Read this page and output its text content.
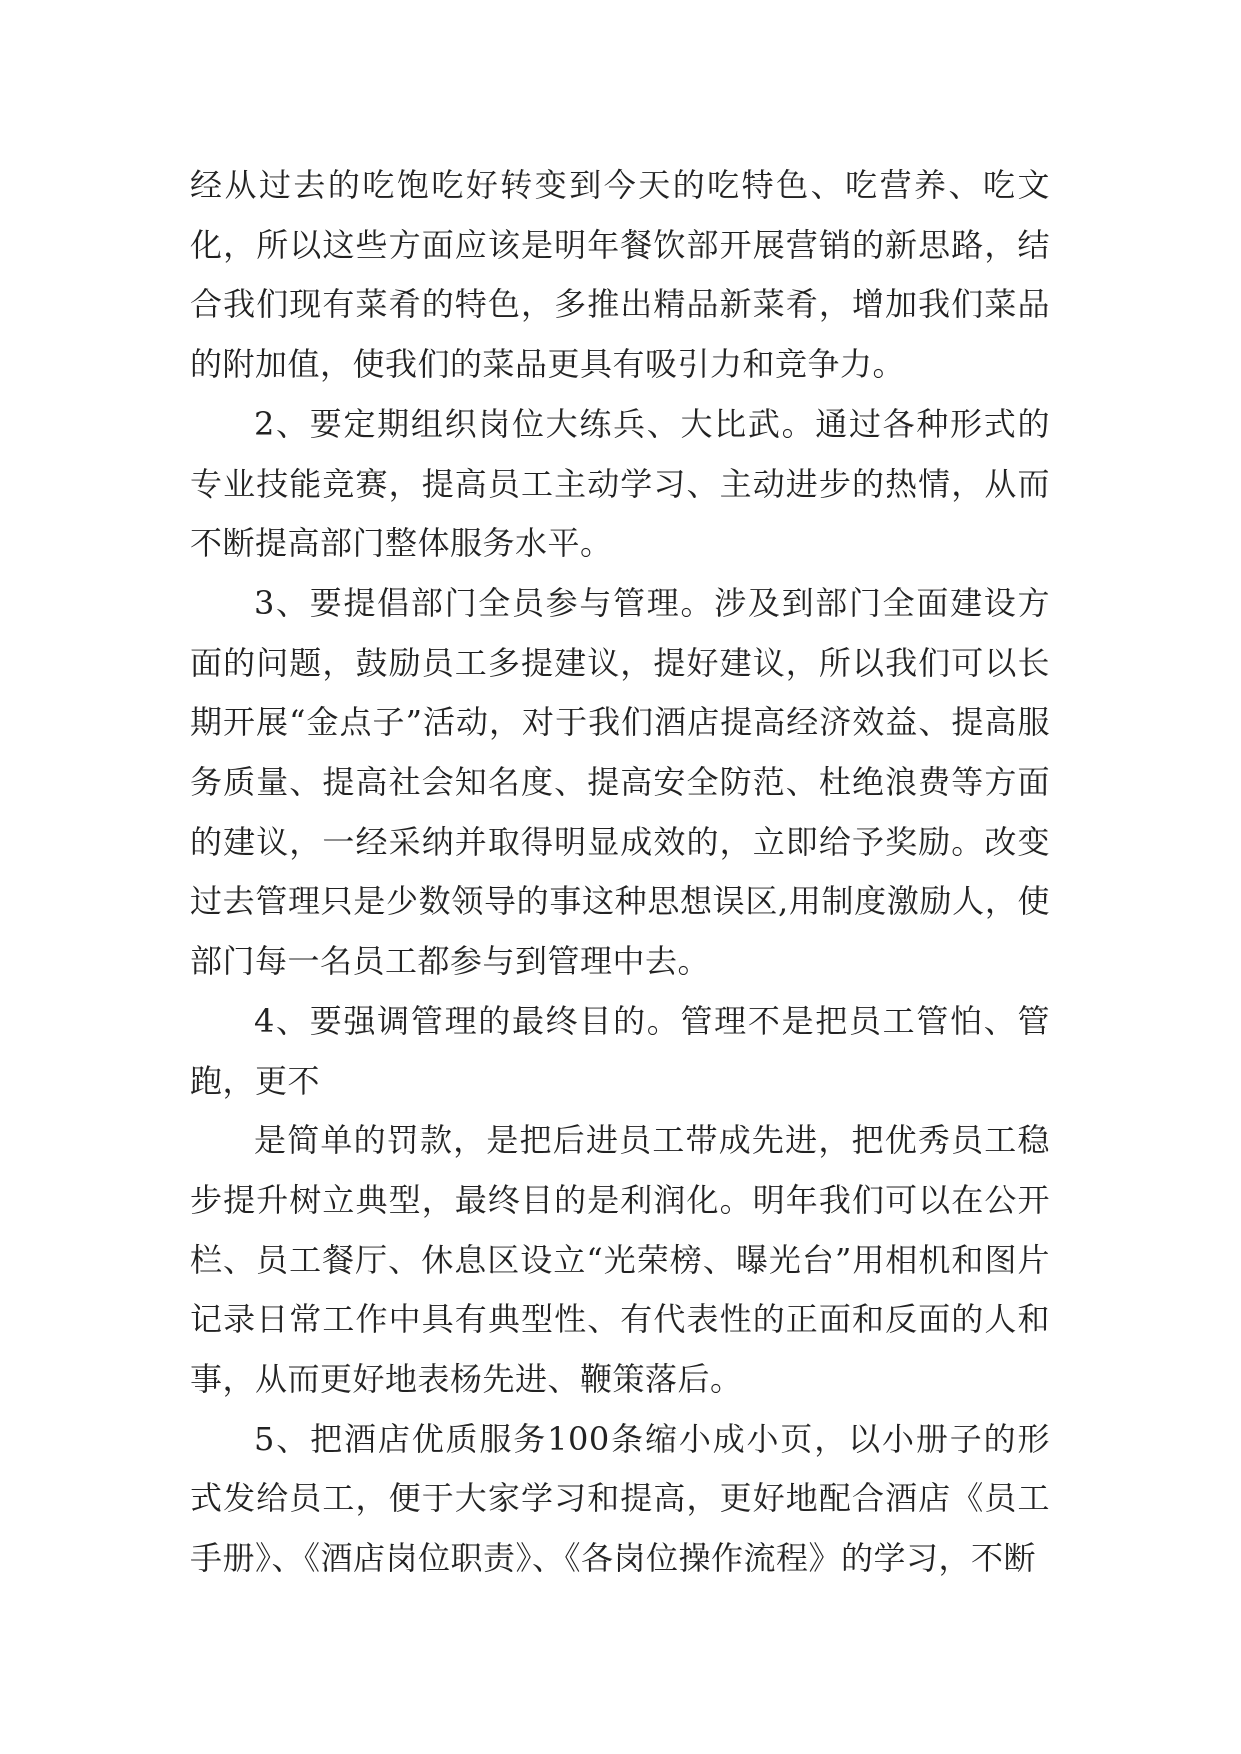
经从过去的吃饱吃好转变到今天的吃特色、吃营养、吃文化，所以这些方面应该是明年餐饮部开展营销的新思路，结合我们现有菜肴的特色，多推出精品新菜肴，增加我们菜品的附加值，使我们的菜品更具有吸引力和竞争力。

2、要定期组织岗位大练兵、大比武。通过各种形式的专业技能竞赛，提高员工主动学习、主动进步的热情，从而不断提高部门整体服务水平。

3、要提倡部门全员参与管理。涉及到部门全面建设方面的问题，鼓励员工多提建议，提好建议，所以我们可以长期开展“金点子”活动，对于我们酒店提高经济效益、提高服务质量、提高社会知名度、提高安全防范、杜绝浪费等方面的建议，一经采纳并取得明显成效的，立即给予奖励。改变过去管理只是少数领导的事这种思想误区,用制度激励人，使部门每一名员工都参与到管理中去。

4、要强调管理的最终目的。管理不是把员工管怕、管跑，更不

是简单的罚款，是把后进员工带成先进，把优秀员工稳步提升树立典型，最终目的是利润化。明年我们可以在公开栏、员工餐厅、休息区设立“光荣榜、曝光台”用相机和图片记录日常工作中具有典型性、有代表性的正面和反面的人和事，从而更好地表杨先进、鞭策落后。

5、把酒店优质服务100条缩小成小页，以小册子的形式发给员工，便于大家学习和提高，更好地配合酒店《员工手册》、《酒店岗位职责》、《各岗位操作流程》的学习，不断
